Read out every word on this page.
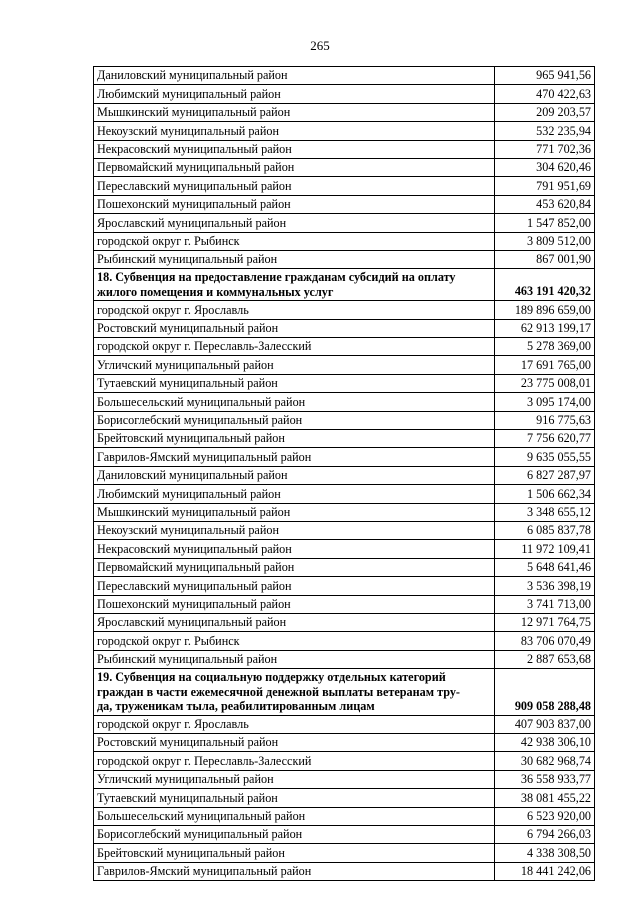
265
Даниловский муниципальный район	965 941,56
Любимский муниципальный район	470 422,63
Мышкинский муниципальный район	209 203,57
Некоузский муниципальный район	532 235,94
Некрасовский муниципальный район	771 702,36
Первомайский муниципальный район	304 620,46
Переславский муниципальный район	791 951,69
Пошехонский муниципальный район	453 620,84
Ярославский муниципальный район	1 547 852,00
городской округ г. Рыбинск	3 809 512,00
Рыбинский муниципальный район	867 001,90

18. Субвенция на предоставление гражданам субсидий на оплату
жилого помещения и коммунальных услуг	463 191 420,32
городской округ г. Ярославль	189 896 659,00
Ростовский муниципальный район	62 913 199,17
городской округ г. Переславль-Залесский	5 278 369,00
Угличский муниципальный район	17 691 765,00
Тутаевский муниципальный район	23 775 008,01
Большесельский муниципальный район	3 095 174,00
Борисоглебский муниципальный район	916 775,63
Брейтовский муниципальный район	7 756 620,77
Гаврилов-Ямский муниципальный район	9 635 055,55
Даниловский муниципальный район	6 827 287,97
Любимский муниципальный район	1 506 662,34
Мышкинский муниципальный район	3 348 655,12
Некоузский муниципальный район	6 085 837,78
Некрасовский муниципальный район	11 972 109,41
Первомайский муниципальный район	5 648 641,46
Переславский муниципальный район	3 536 398,19
Пошехонский муниципальный район	3 741 713,00
Ярославский муниципальный район	12 971 764,75
городской округ г. Рыбинск	83 706 070,49
Рыбинский муниципальный район	2 887 653,68

19. Субвенция на социальную поддержку отдельных категорий
граждан в части ежемесячной денежной выплаты ветеранам тру-
да, труженикам тыла, реабилитированным лицам	909 058 288,48
городской округ г. Ярославль	407 903 837,00
Ростовский муниципальный район	42 938 306,10
городской округ г. Переславль-Залесский	30 682 968,74
Угличский муниципальный район	36 558 933,77
Тутаевский муниципальный район	38 081 455,22
Большесельский муниципальный район	6 523 920,00
Борисоглебский муниципальный район	6 794 266,03
Брейтовский муниципальный район	4 338 308,50
Гаврилов-Ямский муниципальный район	18 441 242,06
